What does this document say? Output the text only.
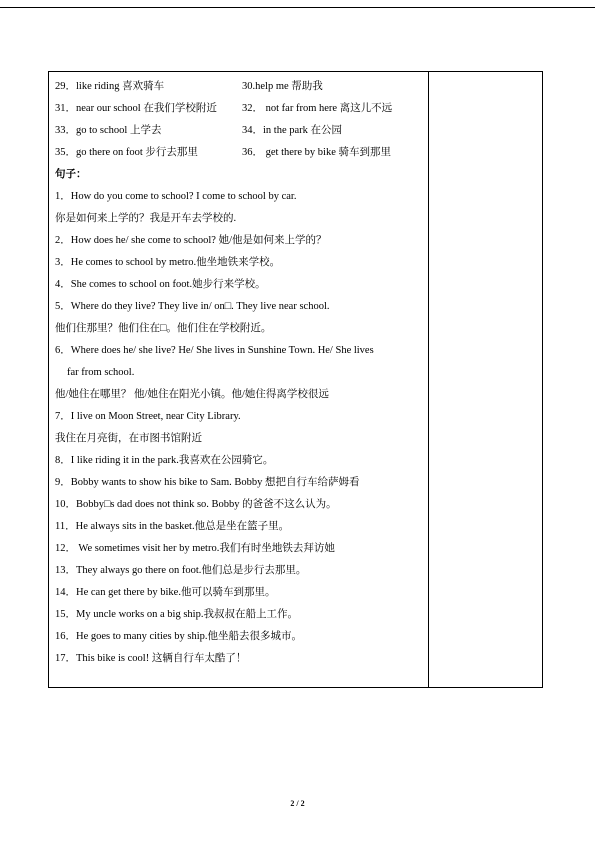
29．like riding 喜欢骑车	30.help me 帮助我
31．near our school 在我们学校附近	32． not far from here 离这儿不远
33．go to school 上学去	34．in the park 在公园
35．go there on foot 步行去那里	36． get there by bike 骑车到那里
句子：
1．How do you come to school? I come to school by car.
你是如何来上学的？我是开车去学校的.
2．How does he/ she come to school? 她/他是如何来上学的？
3．He comes to school by metro.他坐地铁来学校。
4．She comes to school on foot.她步行来学校。
5．Where do they live? They live in/ on□. They live near school.
他们住那里？他们住在□。他们住在学校附近。
6．Where does he/ she live? He/ She lives in Sunshine Town. He/ She lives
far from school.
他/她住在哪里？ 他/她住在阳光小镇。他/她住得离学校很远
7．I live on Moon Street, near City Library.
我住在月亮街，在市图书馆附近
8．I like riding it in the park.我喜欢在公园骑它。
9．Bobby wants to show his bike to Sam. Bobby 想把自行车给萨姆看
10．Bobby□s dad does not think so. Bobby 的爸爸不这么认为。
11．He always sits in the basket.他总是坐在篮子里。
12． We sometimes visit her by metro.我们有时坐地铁去拜访她
13．They always go there on foot.他们总是步行去那里。
14．He can get there by bike.他可以骑车到那里。
15．My uncle works on a big ship.我叔叔在船上工作。
16．He goes to many cities by ship.他坐船去很多城市。
17．This bike is cool! 这辆自行车太酷了！
2 / 2
